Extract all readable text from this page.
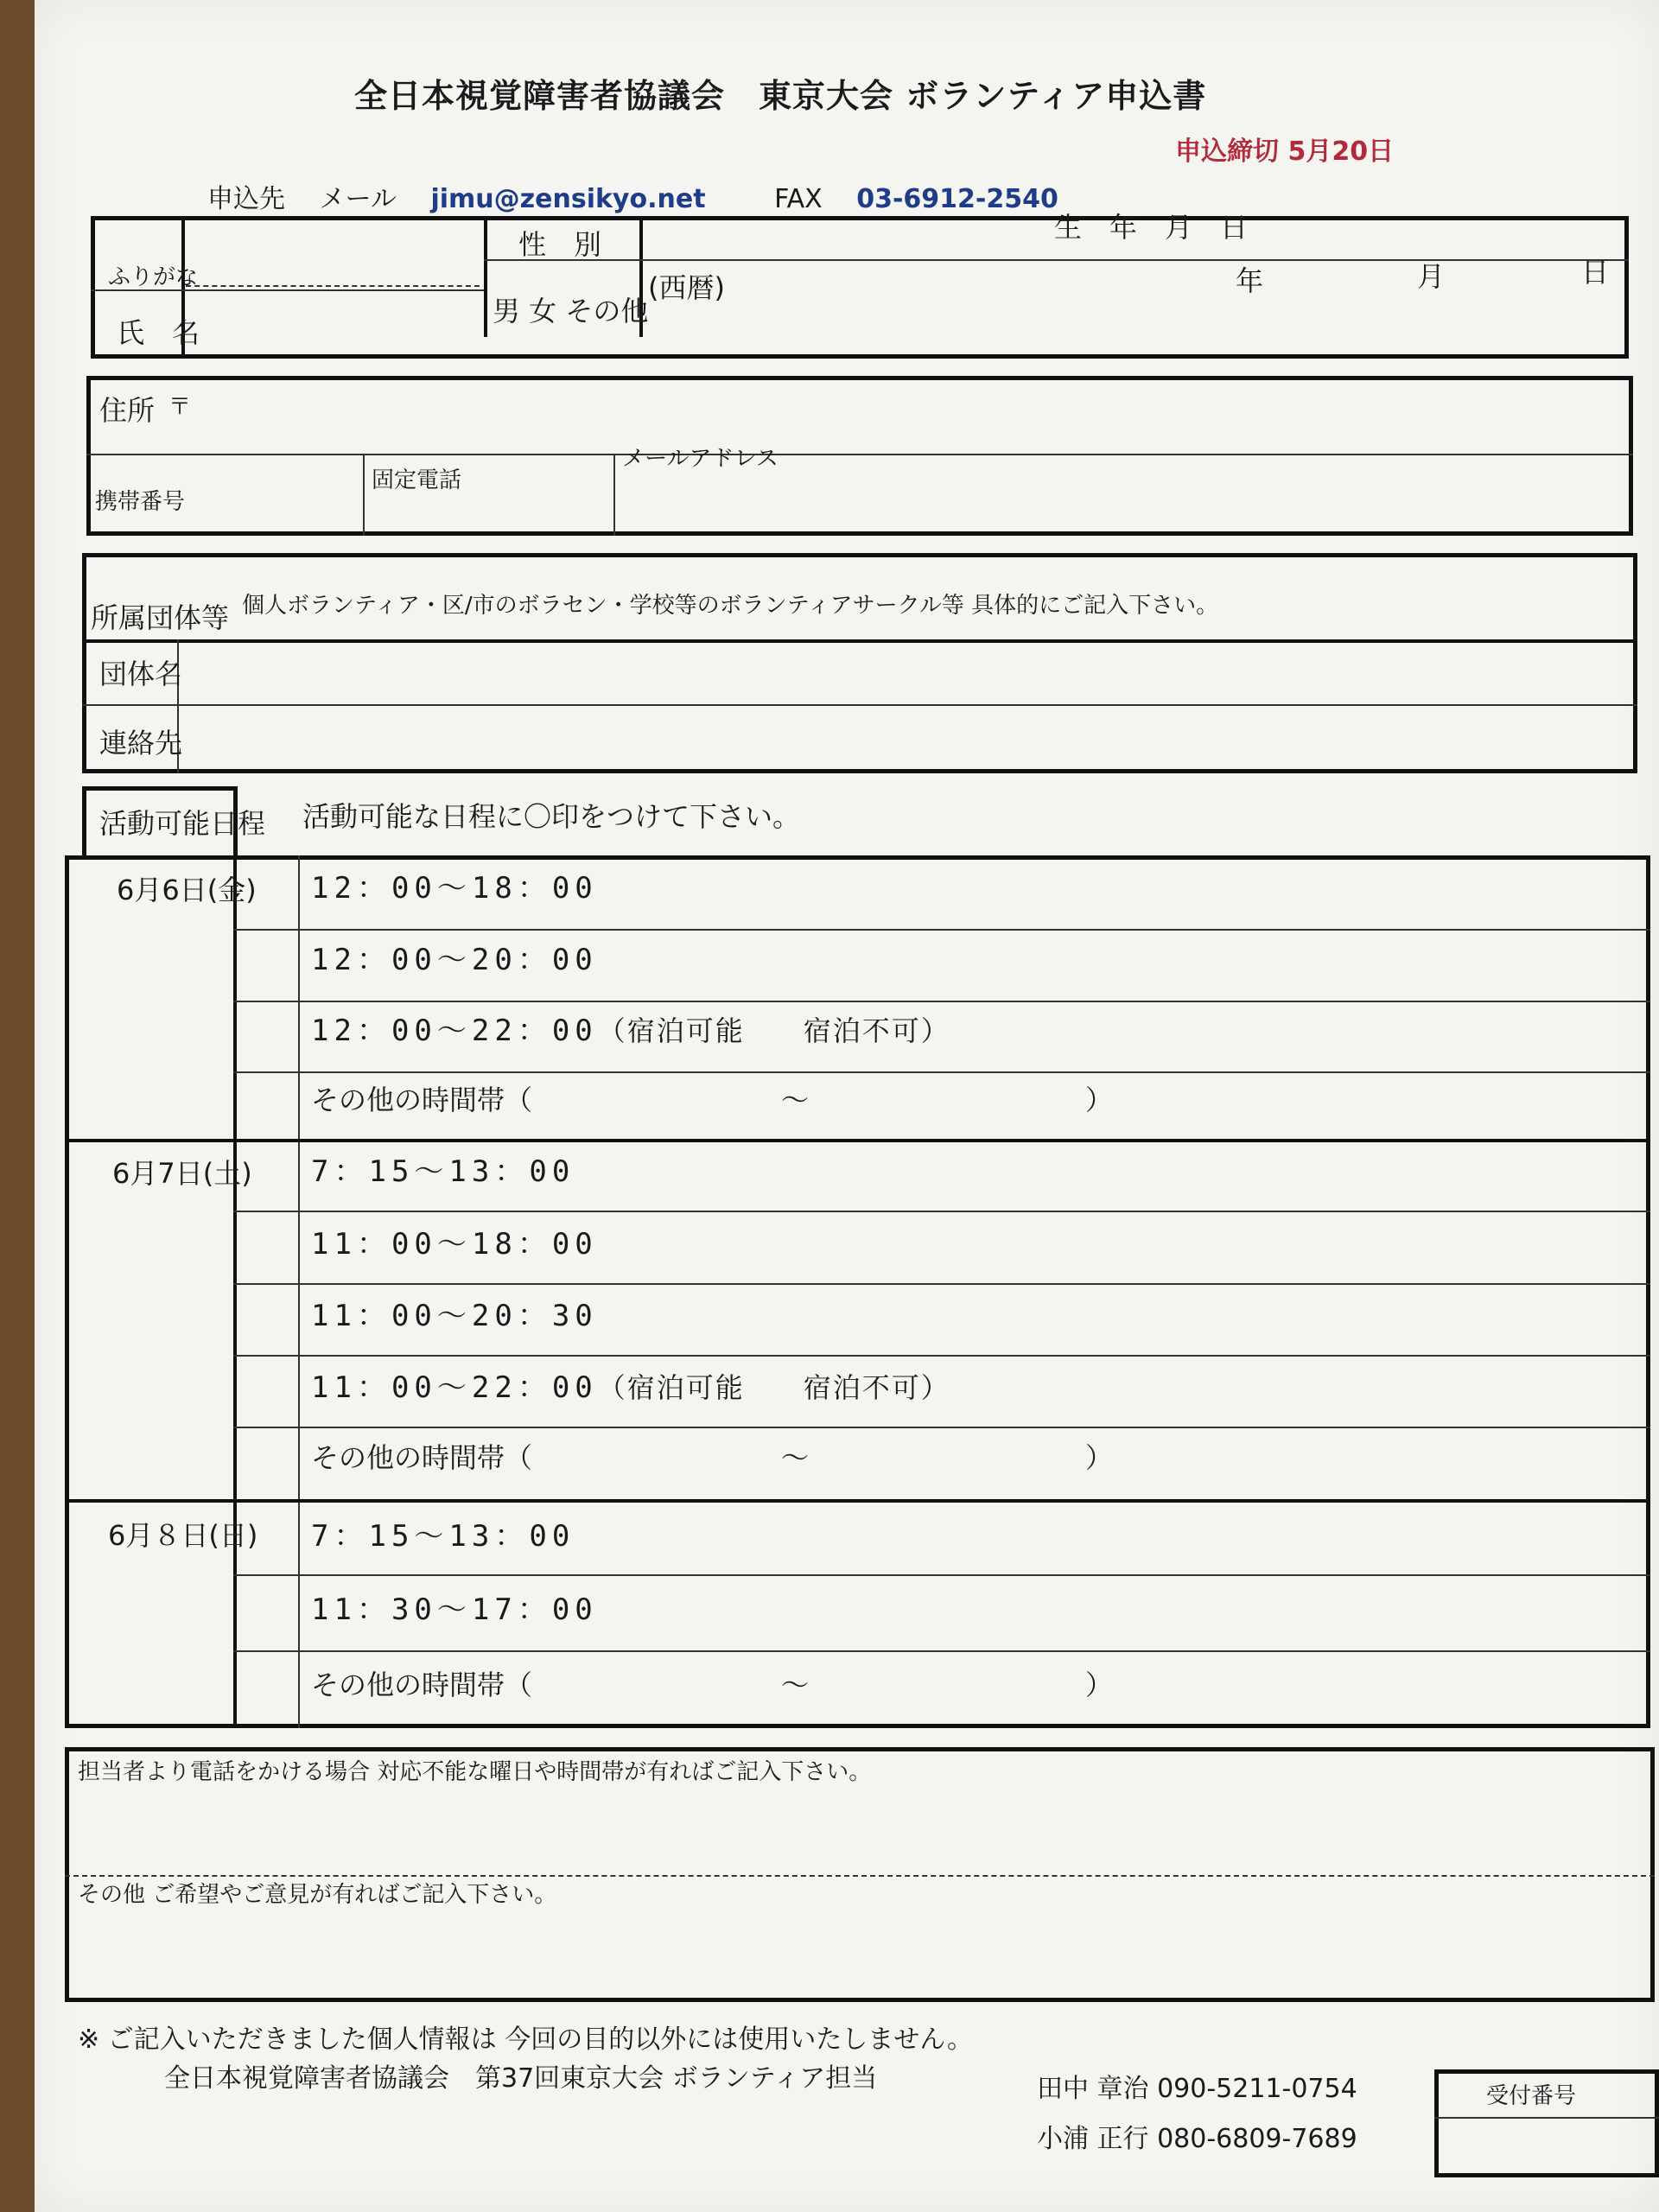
全日本視覚障害者協議会　東京大会 ボランティア申込書
申込締切 5月20日
申込先 メール jimu@zensikyo.net	FAX 03-6912-2540
ふりがな
氏　名
性　別
男 女 その他
生　年　月　日
(西暦)	年	月	日
住所 〒
携帯番号
固定電話
メールアドレス
所属団体等 個人ボランティア・区/市のボラセン・学校等のボランティアサークル等 具体的にご記入下さい。
団体名
連絡先
活動可能日程 活動可能な日程に〇印をつけて下さい。
6月6日(金) 12：00～18：00
12：00～20：00
12：00～22：00（宿泊可能　　宿泊不可）
その他の時間帯（　　　　　　　　　～　　　　　　　　　　）
6月7日(土) 7：15～13：00
11：00～18：00
11：00～20：30
11：00～22：00（宿泊可能　　宿泊不可）
その他の時間帯（　　　　　　　　　～　　　　　　　　　　）
6月８日(日) 7：15～13：00
11：30～17：00
その他の時間帯（　　　　　　　　　～　　　　　　　　　　）
担当者より電話をかける場合 対応不能な曜日や時間帯が有ればご記入下さい。
その他 ご希望やご意見が有ればご記入下さい。
※ ご記入いただきました個人情報は 今回の目的以外には使用いたしません。
全日本視覚障害者協議会　第37回東京大会 ボランティア担当	田中 章治 090-5211-0754
小浦 正行 080-6809-7689
受付番号
